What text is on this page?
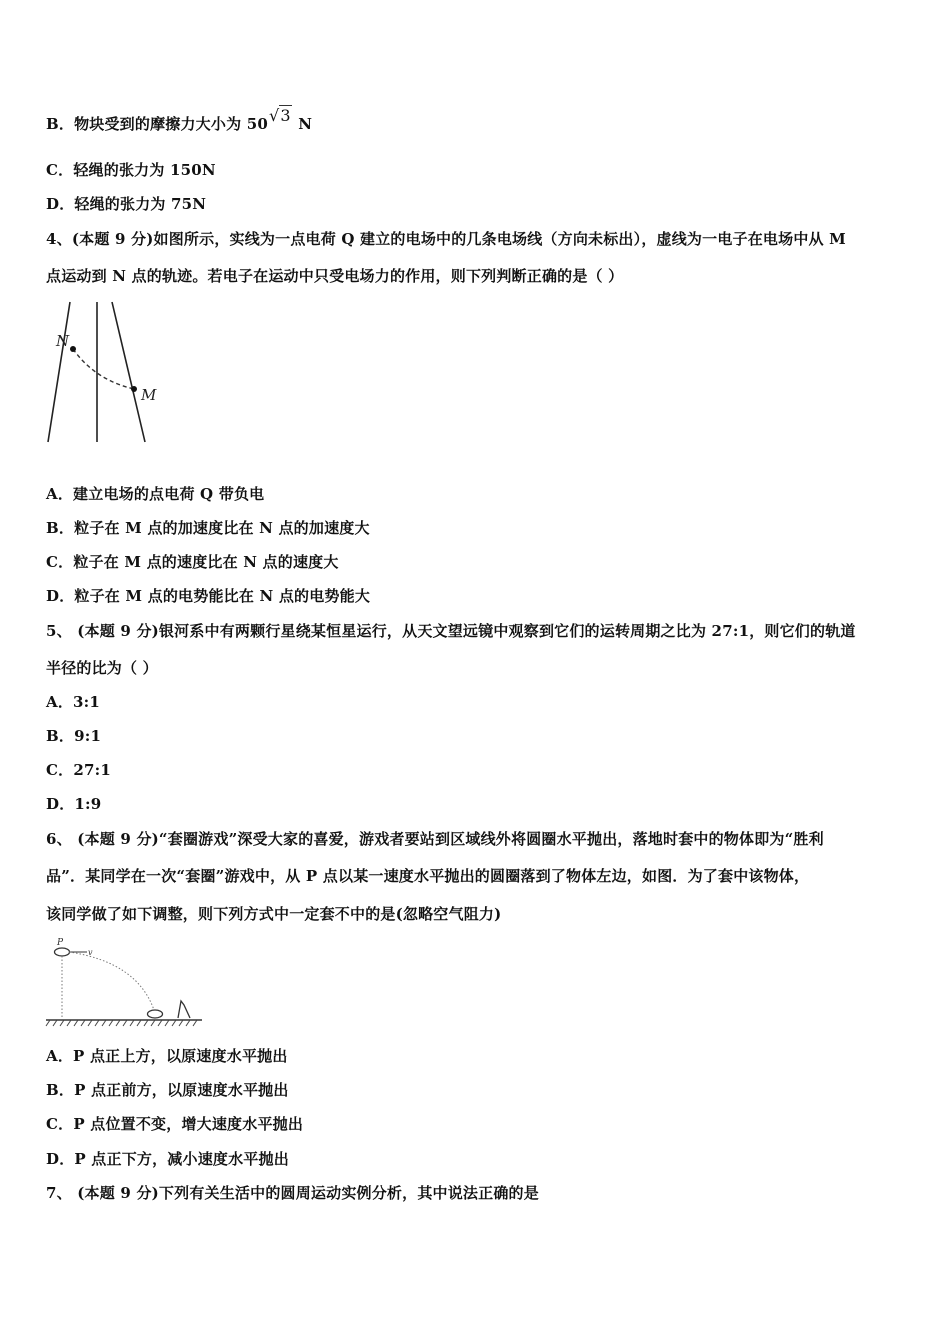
B．物块受到的摩擦力大小为 50√3 N
C．轻绳的张力为 150N
D．轻绳的张力为 75N
4、(本题 9 分)如图所示，实线为一点电荷 Q 建立的电场中的几条电场线（方向未标出），虚线为一电子在电场中从 M
点运动到 N 点的轨迹。若电子在运动中只受电场力的作用，则下列判断正确的是（ ）
N
M
A．建立电场的点电荷 Q 带负电
B．粒子在 M 点的加速度比在 N 点的加速度大
C．粒子在 M 点的速度比在 N 点的速度大
D．粒子在 M 点的电势能比在 N 点的电势能大
5、 (本题 9 分)银河系中有两颗行星绕某恒星运行，从天文望远镜中观察到它们的运转周期之比为 27:1，则它们的轨道
半径的比为（ ）
A．3:1
B．9:1
C．27:1
D．1:9
6、 (本题 9 分)“套圈游戏”深受大家的喜爱，游戏者要站到区域线外将圆圈水平抛出，落地时套中的物体即为“胜利
品”．某同学在一次“套圈”游戏中，从 P 点以某一速度水平抛出的圆圈落到了物体左边，如图．为了套中该物体，
该同学做了如下调整，则下列方式中一定套不中的是(忽略空气阻力)
P
v
A．P 点正上方，以原速度水平抛出
B．P 点正前方，以原速度水平抛出
C．P 点位置不变，增大速度水平抛出
D．P 点正下方，减小速度水平抛出
7、 (本题 9 分)下列有关生活中的圆周运动实例分析，其中说法正确的是
